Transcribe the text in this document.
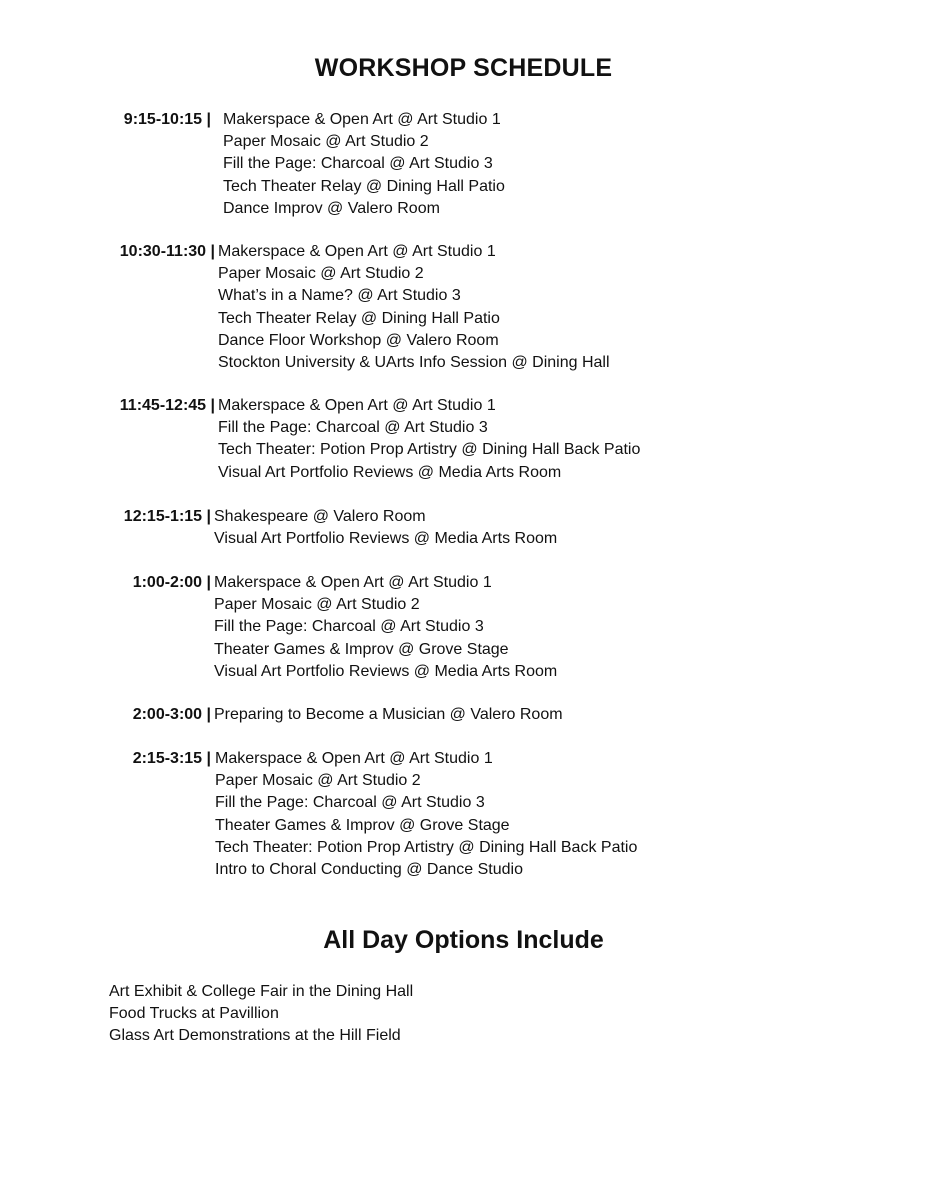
WORKSHOP SCHEDULE
9:15-10:15 | Makerspace & Open Art @ Art Studio 1
Paper Mosaic @ Art Studio 2
Fill the Page: Charcoal @ Art Studio 3
Tech Theater Relay @ Dining Hall Patio
Dance Improv @ Valero Room
10:30-11:30 | Makerspace & Open Art @ Art Studio 1
Paper Mosaic @ Art Studio 2
What’s in a Name? @ Art Studio 3
Tech Theater Relay @ Dining Hall Patio
Dance Floor Workshop @ Valero Room
Stockton University & UArts Info Session @ Dining Hall
11:45-12:45 | Makerspace & Open Art @ Art Studio 1
Fill the Page: Charcoal @ Art Studio 3
Tech Theater: Potion Prop Artistry @ Dining Hall Back Patio
Visual Art Portfolio Reviews @ Media Arts Room
12:15-1:15 | Shakespeare @ Valero Room
Visual Art Portfolio Reviews @ Media Arts Room
1:00-2:00 | Makerspace & Open Art @ Art Studio 1
Paper Mosaic @ Art Studio 2
Fill the Page: Charcoal @ Art Studio 3
Theater Games & Improv @ Grove Stage
Visual Art Portfolio Reviews @ Media Arts Room
2:00-3:00 | Preparing to Become a Musician @ Valero Room
2:15-3:15 | Makerspace & Open Art @ Art Studio 1
Paper Mosaic @ Art Studio 2
Fill the Page: Charcoal @ Art Studio 3
Theater Games & Improv @ Grove Stage
Tech Theater: Potion Prop Artistry @ Dining Hall Back Patio
Intro to Choral Conducting @ Dance Studio
All Day Options Include
Art Exhibit & College Fair in the Dining Hall
Food Trucks at Pavillion
Glass Art Demonstrations at the Hill Field
